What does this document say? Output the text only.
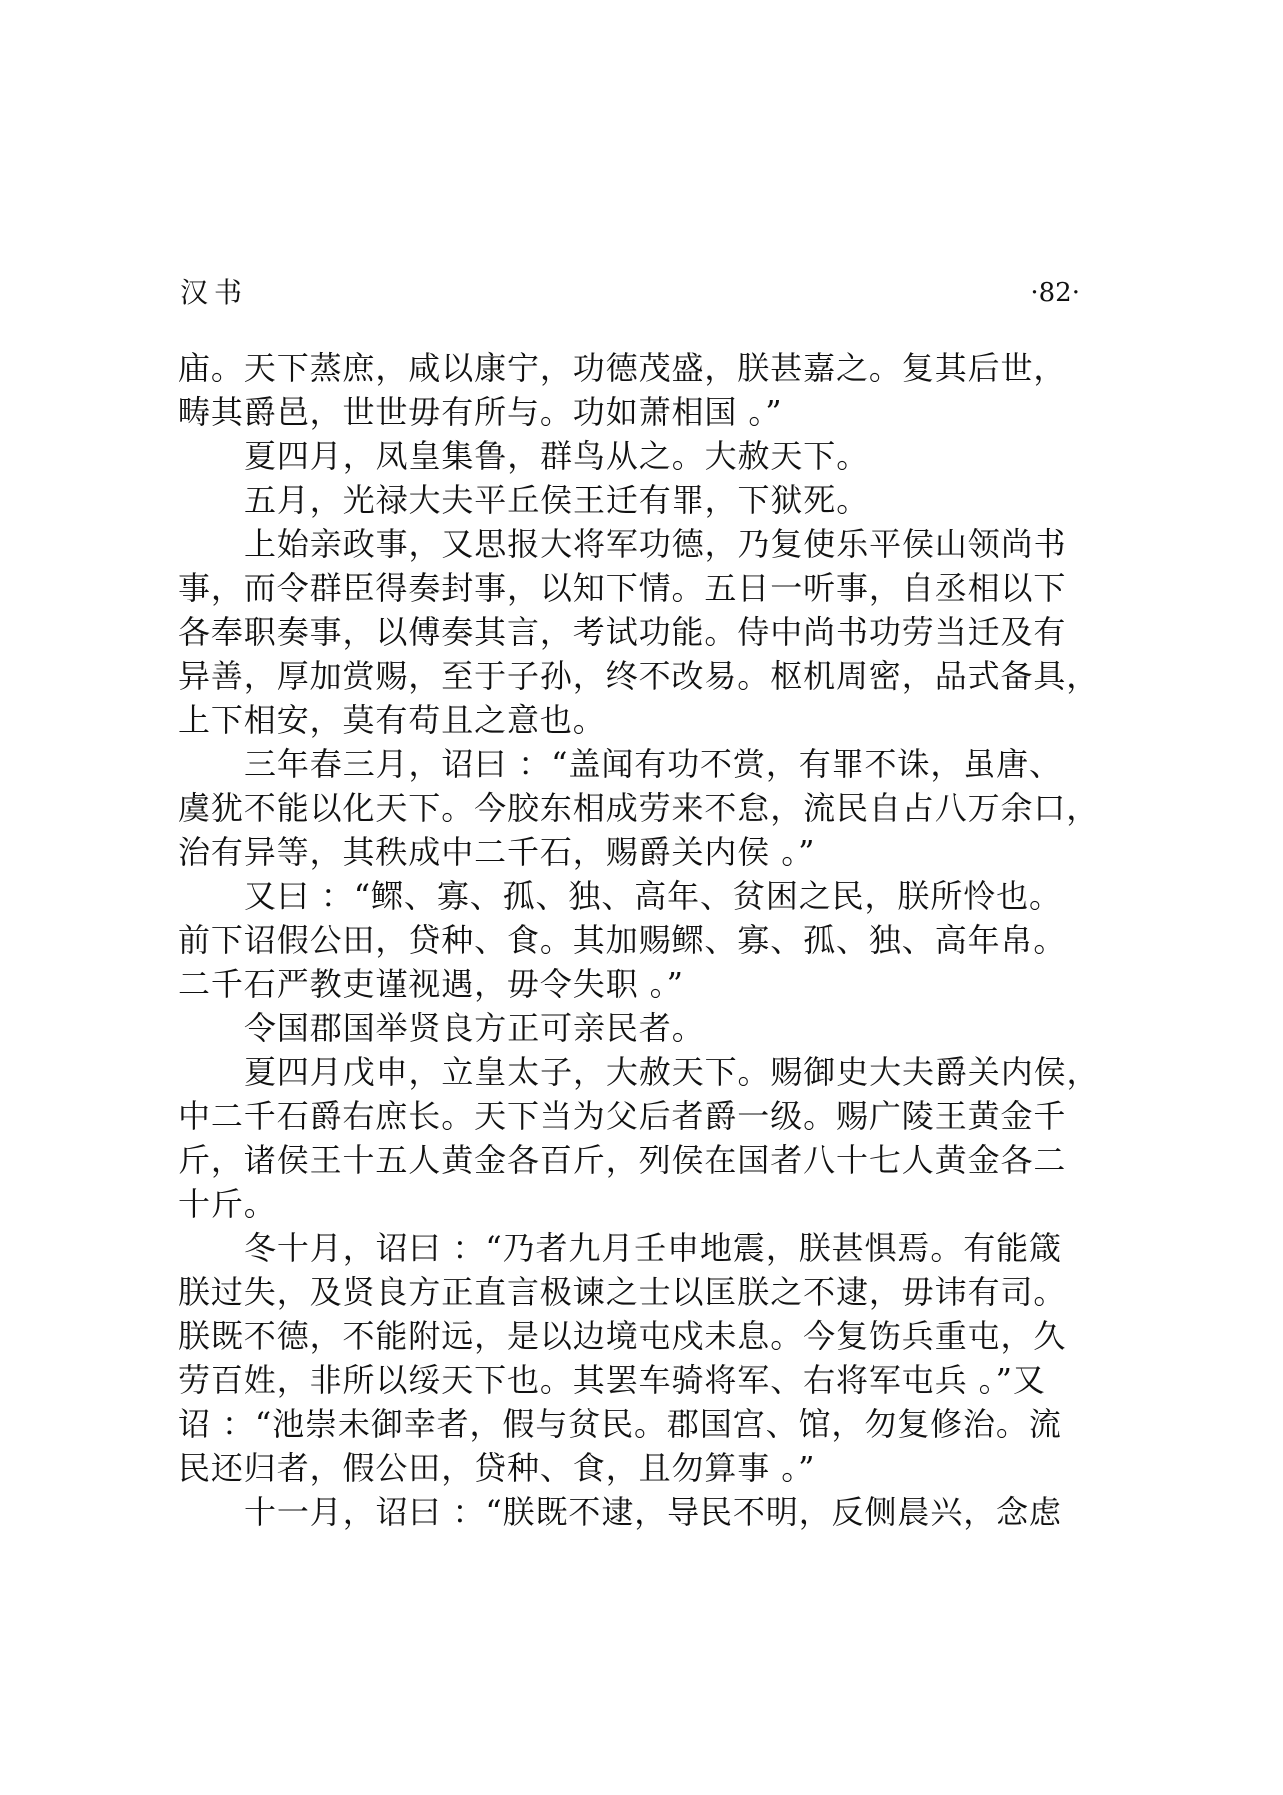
汉书	·82·
庙。天下蒸庶，咸以康宁，功德茂盛，朕甚嘉之。复其后世，
畴其爵邑，世世毋有所与。功如萧相国 。”
夏四月，凤皇集鲁，群鸟从之。大赦天下。
五月，光禄大夫平丘侯王迁有罪，下狱死。
上始亲政事，又思报大将军功德，乃复使乐平侯山领尚书
事，而令群臣得奏封事，以知下情。五日一听事，自丞相以下
各奉职奏事，以傅奏其言，考试功能。侍中尚书功劳当迁及有
异善，厚加赏赐，至于子孙，终不改易。枢机周密，品式备具，
上下相安，莫有苟且之意也。
三年春三月，诏曰 ：“盖闻有功不赏，有罪不诛，虽唐、
虞犹不能以化天下。今胶东相成劳来不怠，流民自占八万余口，
治有异等，其秩成中二千石，赐爵关内侯 。”
又曰 ：“鳏、寡、孤、独、高年、贫困之民，朕所怜也。
前下诏假公田，贷种、食。其加赐鳏、寡、孤、独、高年帛。
二千石严教吏谨视遇，毋令失职 。”
令国郡国举贤良方正可亲民者。
夏四月戊申，立皇太子，大赦天下。赐御史大夫爵关内侯，
中二千石爵右庶长。天下当为父后者爵一级。赐广陵王黄金千
斤，诸侯王十五人黄金各百斤，列侯在国者八十七人黄金各二
十斤。
冬十月，诏曰 ：“乃者九月壬申地震，朕甚惧焉。有能箴
朕过失，及贤良方正直言极谏之士以匡朕之不逮，毋讳有司。
朕既不德，不能附远，是以边境屯戍未息。今复饬兵重屯，久
劳百姓，非所以绥天下也。其罢车骑将军、右将军屯兵 。”又
诏 ：“池崇未御幸者，假与贫民。郡国宫、馆，勿复修治。流
民还归者，假公田，贷种、食，且勿算事 。”
十一月，诏曰 ：“朕既不逮，导民不明，反侧晨兴，念虑
